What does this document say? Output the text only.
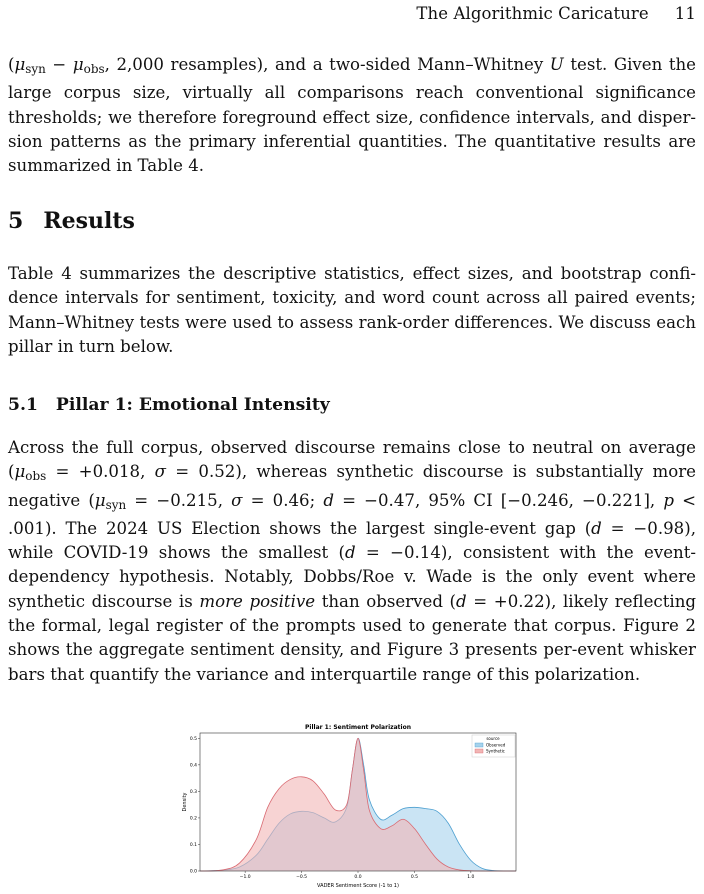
The Algorithmic Caricature 11

($\mu_{syn} - \mu_{obs}$, 2,000 resamples), and a two-sided Mann–Whitney U test. Given the large corpus size, virtually all comparisons reach conventional significance thresholds; we therefore foreground effect size, confidence intervals, and disper-sion patterns as the primary inferential quantities. The quantitative results are summarized in Table 4.

5 Results

Table 4 summarizes the descriptive statistics, effect sizes, and bootstrap confi-dence intervals for sentiment, toxicity, and word count across all paired events; Mann–Whitney tests were used to assess rank-order differences. We discuss each pillar in turn below.

5.1 Pillar 1: Emotional Intensity

Across the full corpus, observed discourse remains close to neutral on average ($\mu_{obs} = +0.018$, σ = 0.52), whereas synthetic discourse is substantially more negative ($\mu_{syn} = -0.215$, σ = 0.46; d = −0.47, 95% CI [−0.246, −0.221], p < .001). The 2024 US Election shows the largest single-event gap (d = −0.98), while COVID-19 shows the smallest (d = −0.14), consistent with the event-dependency hypothesis. Notably, Dobbs/Roe v. Wade is the only event where synthetic discourse is more positive than observed (d = +0.22), likely reflecting the formal, legal register of the prompts used to generate that corpus. Figure 2 shows the aggregate sentiment density, and Figure 3 presents per-event whisker bars that quantify the variance and interquartile range of this polarization.

Pillar 1: Sentiment Polarization
−1.0	−0.5	0.0	0.5	1.0
0.0
0.1
0.2
0.3
0.4
0.5
VADER Sentiment Score (-1 to 1)
Density
source
Observed
Synthetic
